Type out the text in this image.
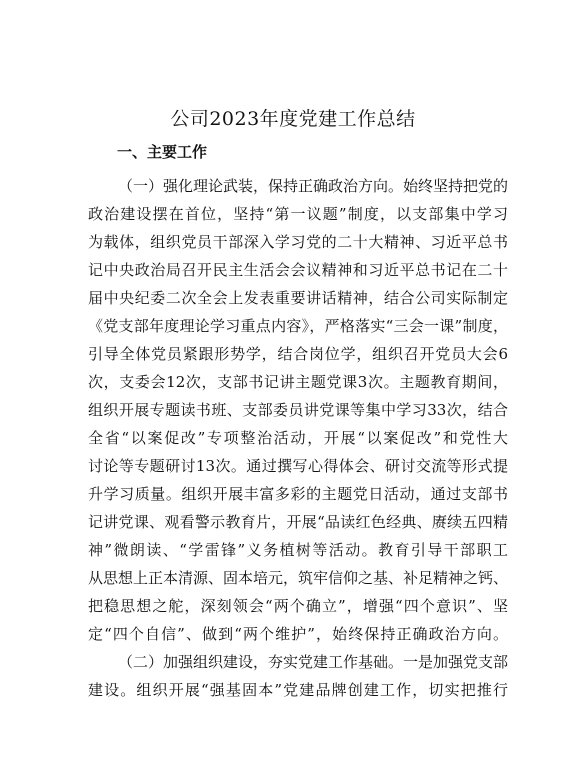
公司2023年度党建工作总结
一、主要工作
（一）强化理论武装，保持正确政治方向。始终坚持把党的
政治建设摆在首位，坚持“第一议题”制度，以支部集中学习
为载体，组织党员干部深入学习党的二十大精神、习近平总书
记中央政治局召开民主生活会会议精神和习近平总书记在二十
届中央纪委二次全会上发表重要讲话精神，结合公司实际制定
《党支部年度理论学习重点内容》，严格落实“三会一课”制度，
引导全体党员紧跟形势学，结合岗位学，组织召开党员大会6
次，支委会12次，支部书记讲主题党课3次。主题教育期间，
组织开展专题读书班、支部委员讲党课等集中学习33次，结合
全省“以案促改”专项整治活动，开展“以案促改”和党性大
讨论等专题研讨13次。通过撰写心得体会、研讨交流等形式提
升学习质量。组织开展丰富多彩的主题党日活动，通过支部书
记讲党课、观看警示教育片，开展“品读红色经典、赓续五四精
神”微朗读、“学雷锋”义务植树等活动。教育引导干部职工
从思想上正本清源、固本培元，筑牢信仰之基、补足精神之钙、
把稳思想之舵，深刻领会“两个确立”，增强“四个意识”、坚
定“四个自信”、做到“两个维护”，始终保持正确政治方向。
（二）加强组织建设，夯实党建工作基础。一是加强党支部
建设。组织开展“强基固本”党建品牌创建工作，切实把推行
